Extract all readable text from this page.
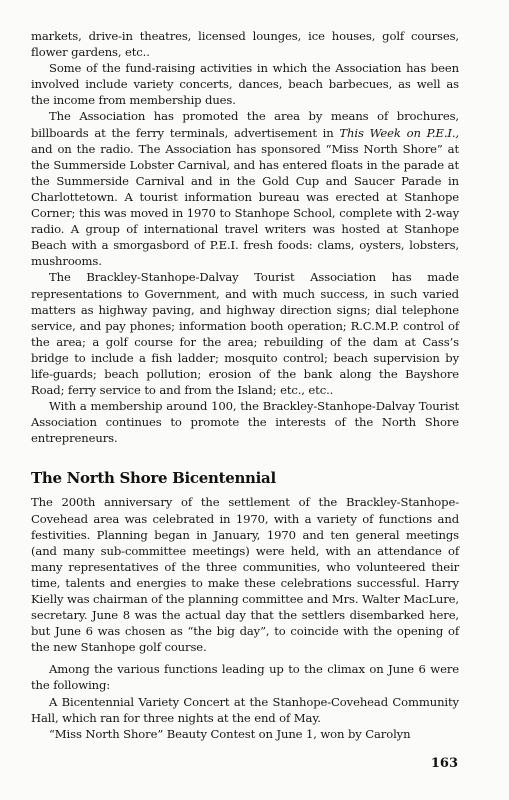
markets, drive-in theatres, licensed lounges, ice houses, golf courses, flower gardens, etc..

Some of the fund-raising activities in which the Association has been involved include variety concerts, dances, beach barbecues, as well as the income from membership dues.

The Association has promoted the area by means of brochures, billboards at the ferry terminals, advertisement in This Week on P.E.I., and on the radio. The Association has sponsored “Miss North Shore” at the Summerside Lobster Carnival, and has entered floats in the parade at the Summerside Carnival and in the Gold Cup and Saucer Parade in Charlottetown. A tourist information bureau was erected at Stanhope Corner; this was moved in 1970 to Stanhope School, complete with 2-way radio. A group of international travel writers was hosted at Stanhope Beach with a smorgasbord of P.E.I. fresh foods: clams, oysters, lobsters, mushrooms.

The Brackley-Stanhope-Dalvay Tourist Association has made representations to Government, and with much success, in such varied matters as highway paving, and highway direction signs; dial telephone service, and pay phones; information booth operation; R.C.M.P. control of the area; a golf course for the area; rebuilding of the dam at Cass’s bridge to include a fish ladder; mosquito control; beach supervision by life-guards; beach pollution; erosion of the bank along the Bayshore Road; ferry service to and from the Island; etc., etc..

With a membership around 100, the Brackley-Stanhope-Dalvay Tourist Association continues to promote the interests of the North Shore entrepreneurs.

The North Shore Bicentennial

The 200th anniversary of the settlement of the Brackley-Stanhope-Covehead area was celebrated in 1970, with a variety of functions and festivities. Planning began in January, 1970 and ten general meetings (and many sub-committee meetings) were held, with an attendance of many representatives of the three communities, who volunteered their time, talents and energies to make these celebrations successful. Harry Kielly was chairman of the planning committee and Mrs. Walter MacLure, secretary. June 8 was the actual day that the settlers disembarked here, but June 6 was chosen as “the big day”, to coincide with the opening of the new Stanhope golf course.

Among the various functions leading up to the climax on June 6 were the following:

A Bicentennial Variety Concert at the Stanhope-Covehead Community Hall, which ran for three nights at the end of May.

“Miss North Shore” Beauty Contest on June 1, won by Carolyn

163
